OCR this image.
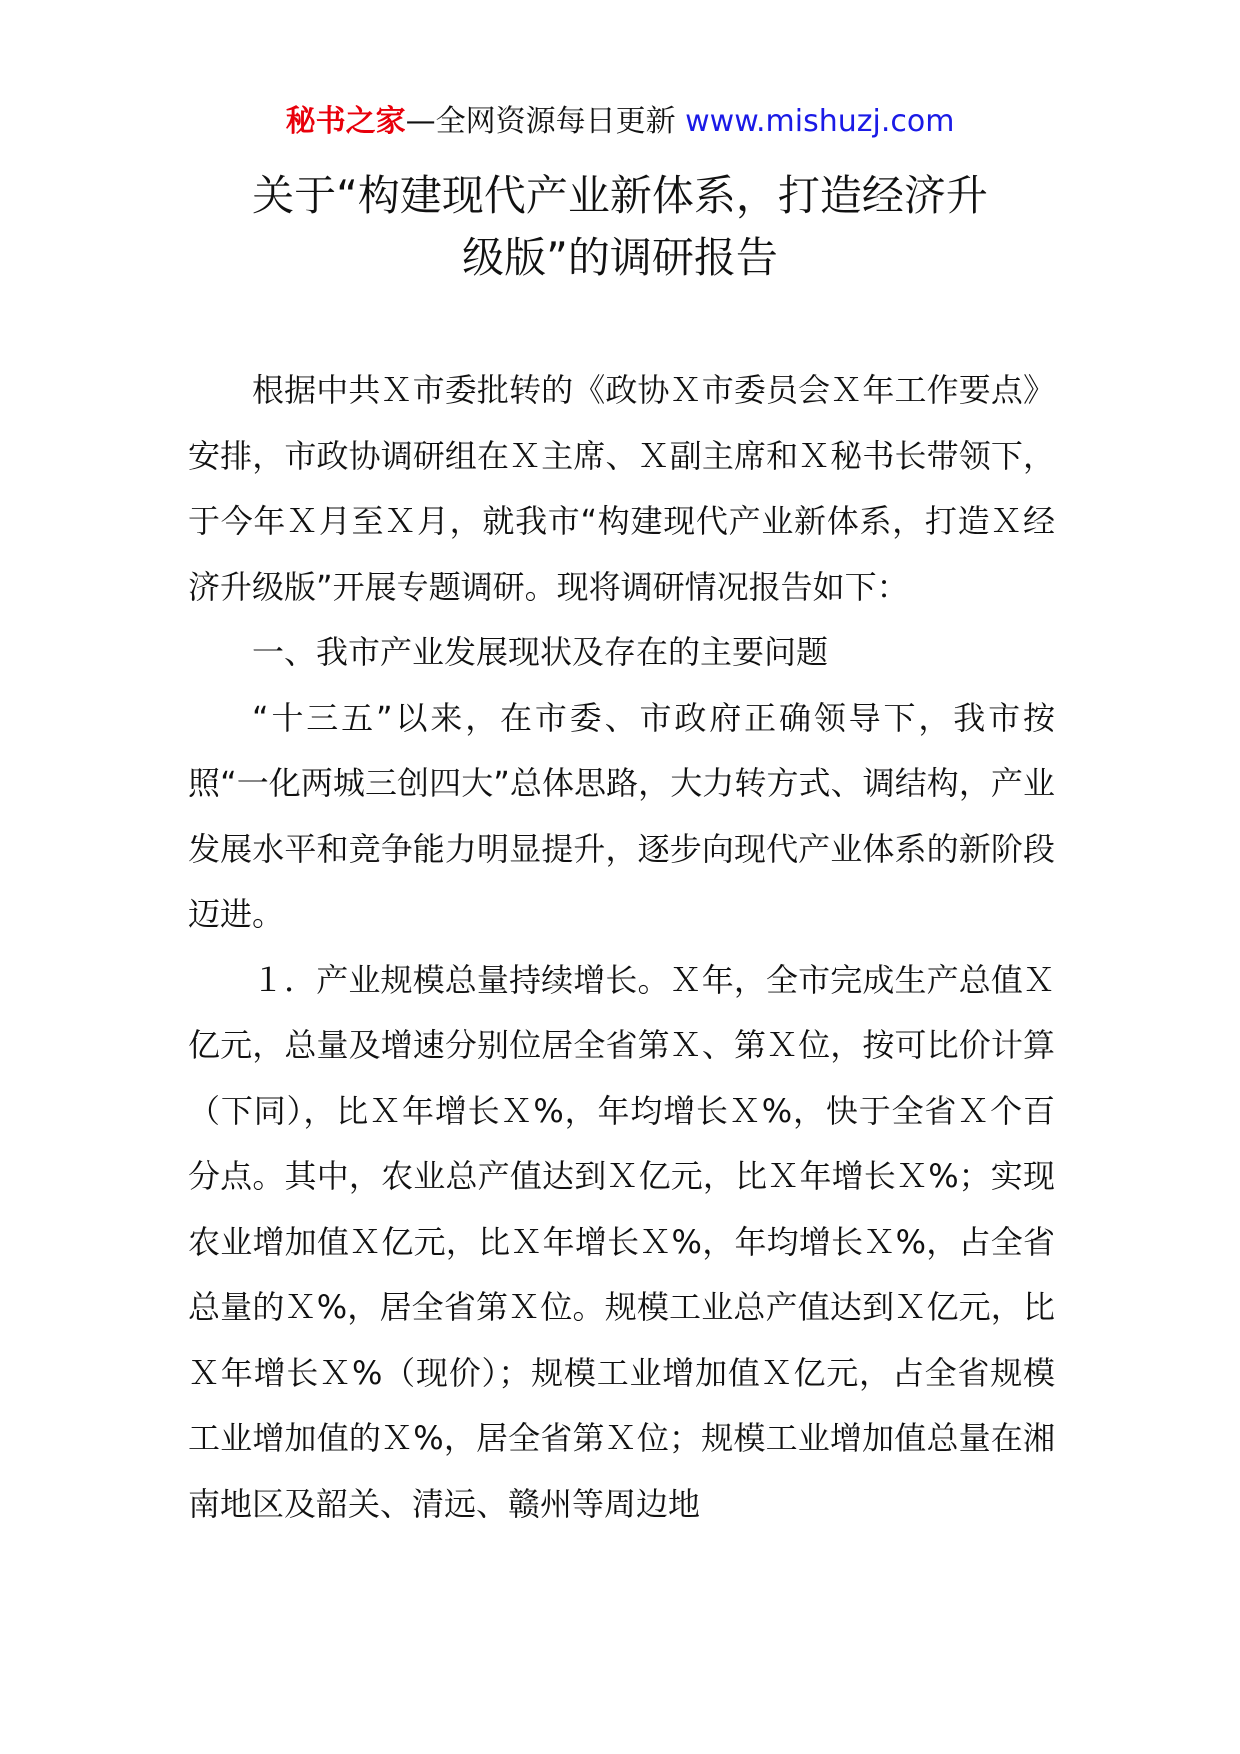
秘书之家—全网资源每日更新 www.mishuzj.com
关于“构建现代产业新体系，打造经济升
级版”的调研报告

根据中共Ｘ市委批转的《政协Ｘ市委员会Ｘ年工作要点》安排，市政协调研组在Ｘ主席、Ｘ副主席和Ｘ秘书长带领下，于今年Ｘ月至Ｘ月，就我市“构建现代产业新体系，打造Ｘ经济升级版”开展专题调研。现将调研情况报告如下：

一、我市产业发展现状及存在的主要问题

“十三五”以来，在市委、市政府正确领导下，我市按照“一化两城三创四大”总体思路，大力转方式、调结构，产业发展水平和竞争能力明显提升，逐步向现代产业体系的新阶段迈进。

１．产业规模总量持续增长。Ｘ年，全市完成生产总值Ｘ亿元，总量及增速分别位居全省第Ｘ、第Ｘ位，按可比价计算（下同），比Ｘ年增长Ｘ%，年均增长Ｘ%，快于全省Ｘ个百分点。其中，农业总产值达到Ｘ亿元，比Ｘ年增长Ｘ%；实现农业增加值Ｘ亿元，比Ｘ年增长Ｘ%，年均增长Ｘ%，占全省总量的Ｘ%，居全省第Ｘ位。规模工业总产值达到Ｘ亿元，比Ｘ年增长Ｘ%（现价）；规模工业增加值Ｘ亿元，占全省规模工业增加值的Ｘ%，居全省第Ｘ位；规模工业增加值总量在湘南地区及韶关、清远、赣州等周边地
